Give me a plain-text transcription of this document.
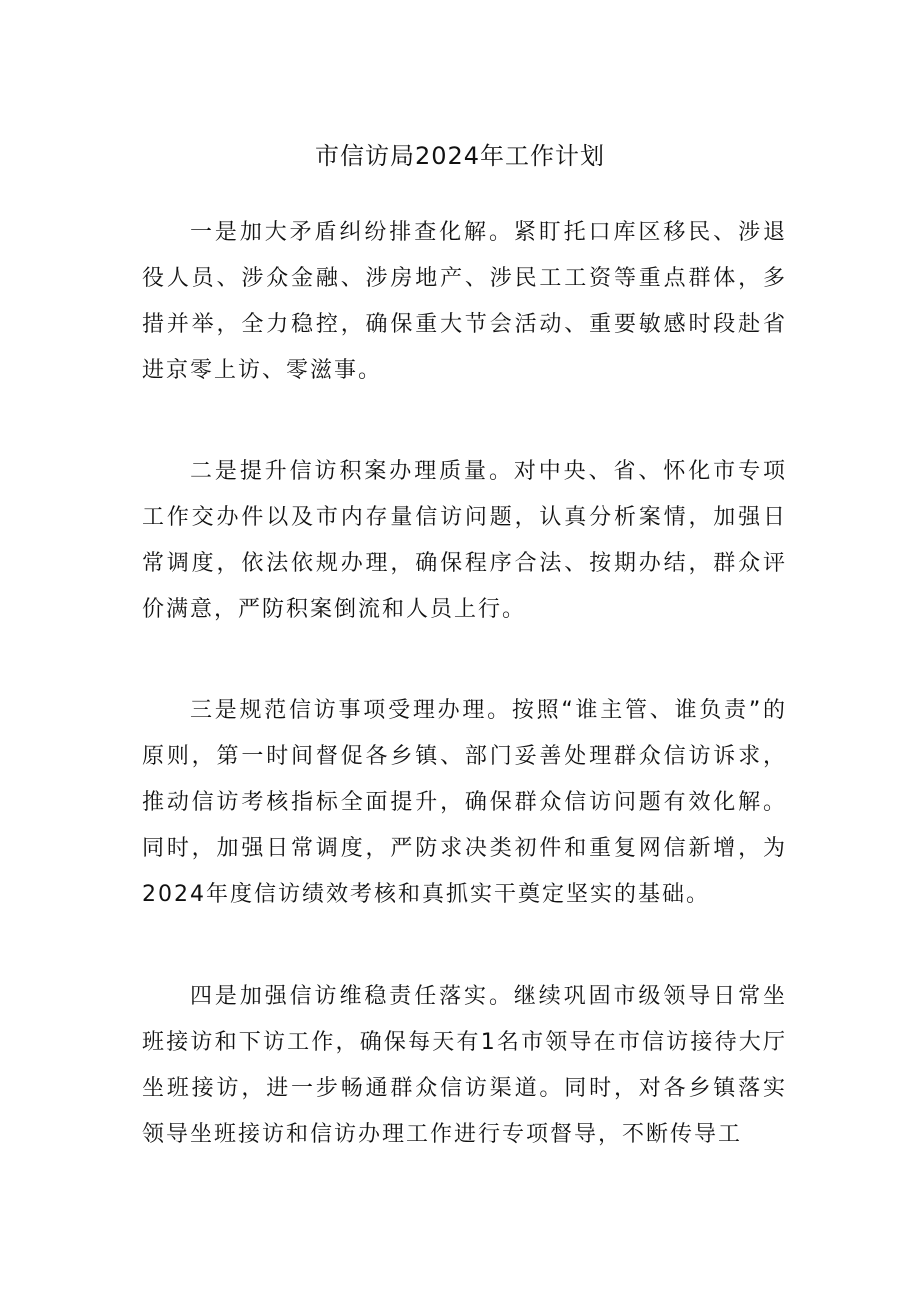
市信访局2024年工作计划

一是加大矛盾纠纷排查化解。紧盯托口库区移民、涉退役人员、涉众金融、涉房地产、涉民工工资等重点群体，多措并举，全力稳控，确保重大节会活动、重要敏感时段赴省进京零上访、零滋事。

二是提升信访积案办理质量。对中央、省、怀化市专项工作交办件以及市内存量信访问题，认真分析案情，加强日常调度，依法依规办理，确保程序合法、按期办结，群众评价满意，严防积案倒流和人员上行。

三是规范信访事项受理办理。按照“谁主管、谁负责”的原则，第一时间督促各乡镇、部门妥善处理群众信访诉求，推动信访考核指标全面提升，确保群众信访问题有效化解。同时，加强日常调度，严防求决类初件和重复网信新增，为2024年度信访绩效考核和真抓实干奠定坚实的基础。

四是加强信访维稳责任落实。继续巩固市级领导日常坐班接访和下访工作，确保每天有1名市领导在市信访接待大厅坐班接访，进一步畅通群众信访渠道。同时，对各乡镇落实领导坐班接访和信访办理工作进行专项督导，不断传导工
